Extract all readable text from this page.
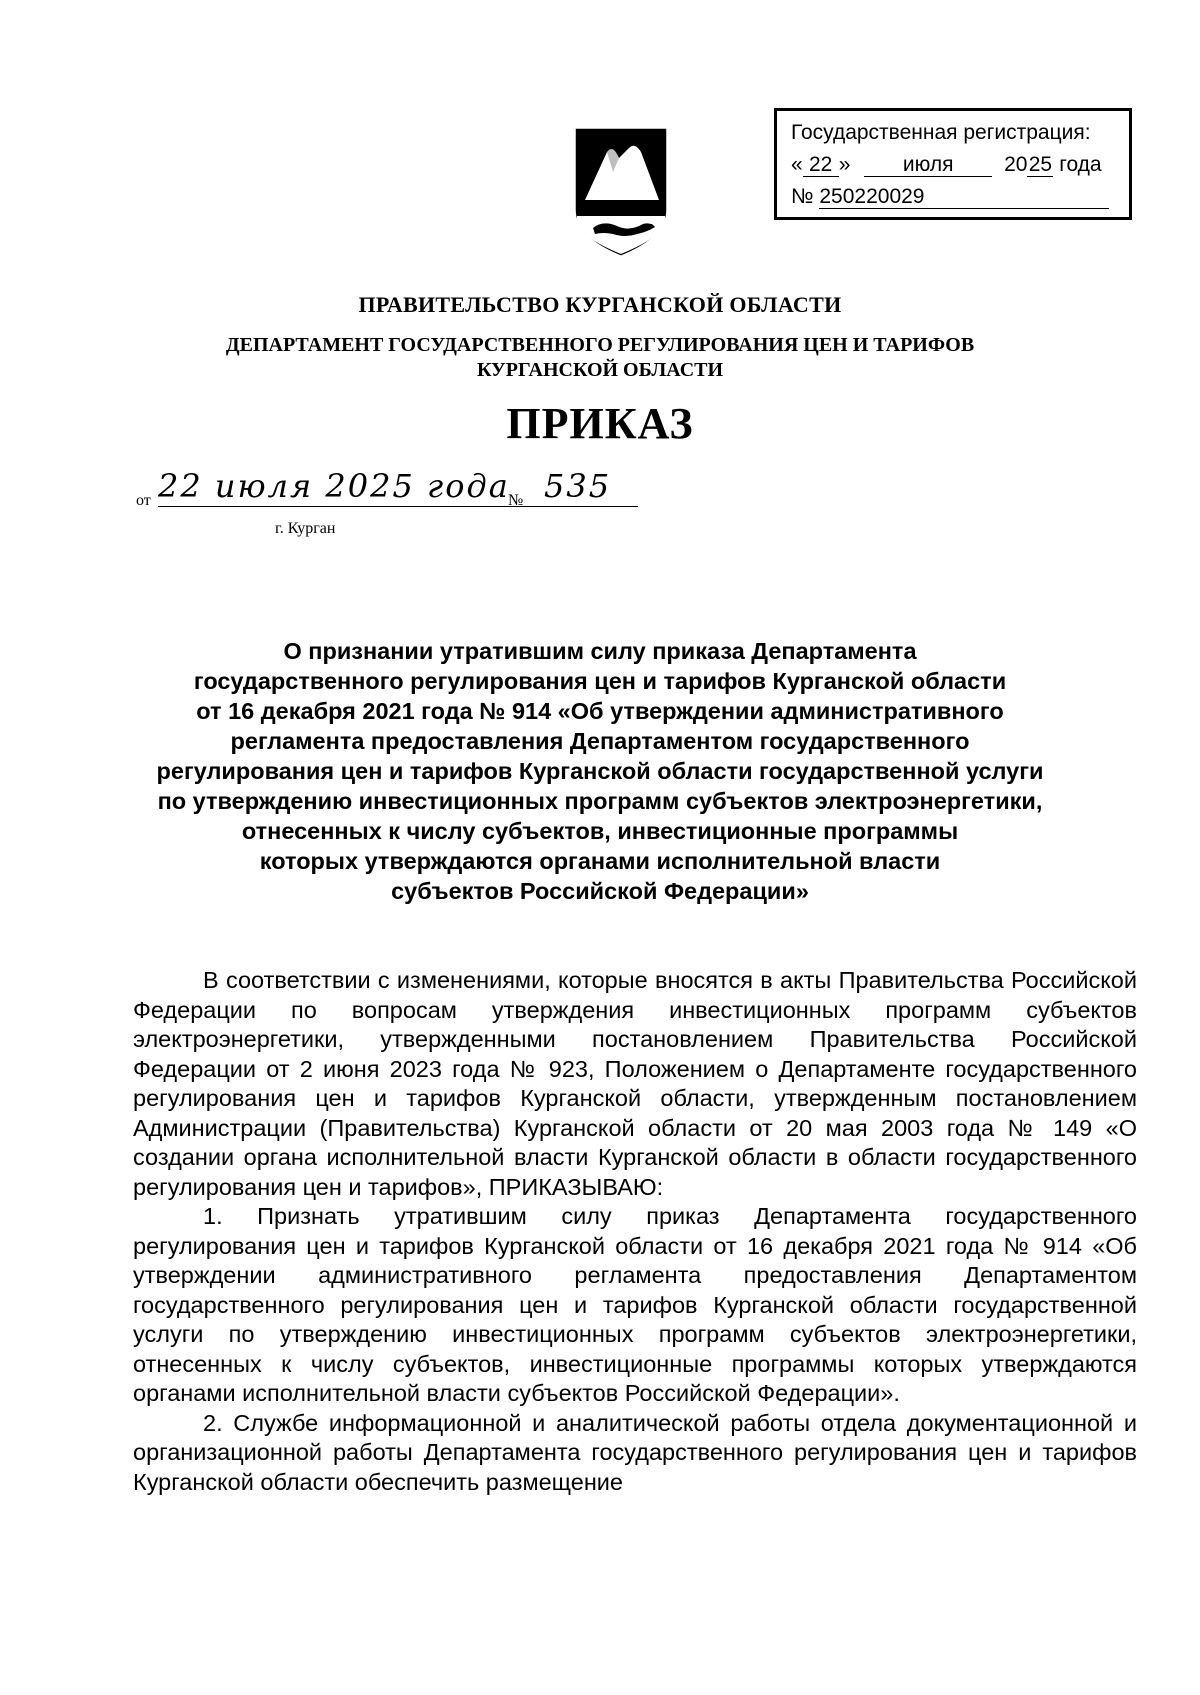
Государственная регистрация:
« 22 »	июля 2025 года
№ 250220029
ПРАВИТЕЛЬСТВО КУРГАНСКОЙ ОБЛАСТИ
ДЕПАРТАМЕНТ ГОСУДАРСТВЕННОГО РЕГУЛИРОВАНИЯ ЦЕН И ТАРИФОВ
КУРГАНСКОЙ ОБЛАСТИ
ПРИКАЗ
от 22 июля 2025 года 535
№
г. Курган
О признании утратившим силу приказа Департамента
государственного регулирования цен и тарифов Курганской области
от 16 декабря 2021 года № 914 «Об утверждении административного
регламента предоставления Департаментом государственного
регулирования цен и тарифов Курганской области государственной услуги
по утверждению инвестиционных программ субъектов электроэнергетики,
отнесенных к числу субъектов, инвестиционные программы
которых утверждаются органами исполнительной власти
субъектов Российской Федерации»

В соответствии с изменениями, которые вносятся в акты Правительства Российской Федерации по вопросам утверждения инвестиционных программ субъектов электроэнергетики, утвержденными постановлением Правительства Российской Федерации от 2 июня 2023 года № 923, Положением о Департаменте государственного регулирования цен и тарифов Курганской области, утвержденным постановлением Администрации (Правительства) Курганской области от 20 мая 2003 года № 149 «О создании органа исполнительной власти Курганской области в области государственного регулирования цен и тарифов», ПРИКАЗЫВАЮ:

1. Признать утратившим силу приказ Департамента государственного регулирования цен и тарифов Курганской области от 16 декабря 2021 года № 914 «Об утверждении административного регламента предоставления Департаментом государственного регулирования цен и тарифов Курганской области государственной услуги по утверждению инвестиционных программ субъектов электроэнергетики, отнесенных к числу субъектов, инвестиционные программы которых утверждаются органами исполнительной власти субъектов Российской Федерации».

2. Службе информационной и аналитической работы отдела документационной и организационной работы Департамента государственного регулирования цен и тарифов Курганской области обеспечить размещение
